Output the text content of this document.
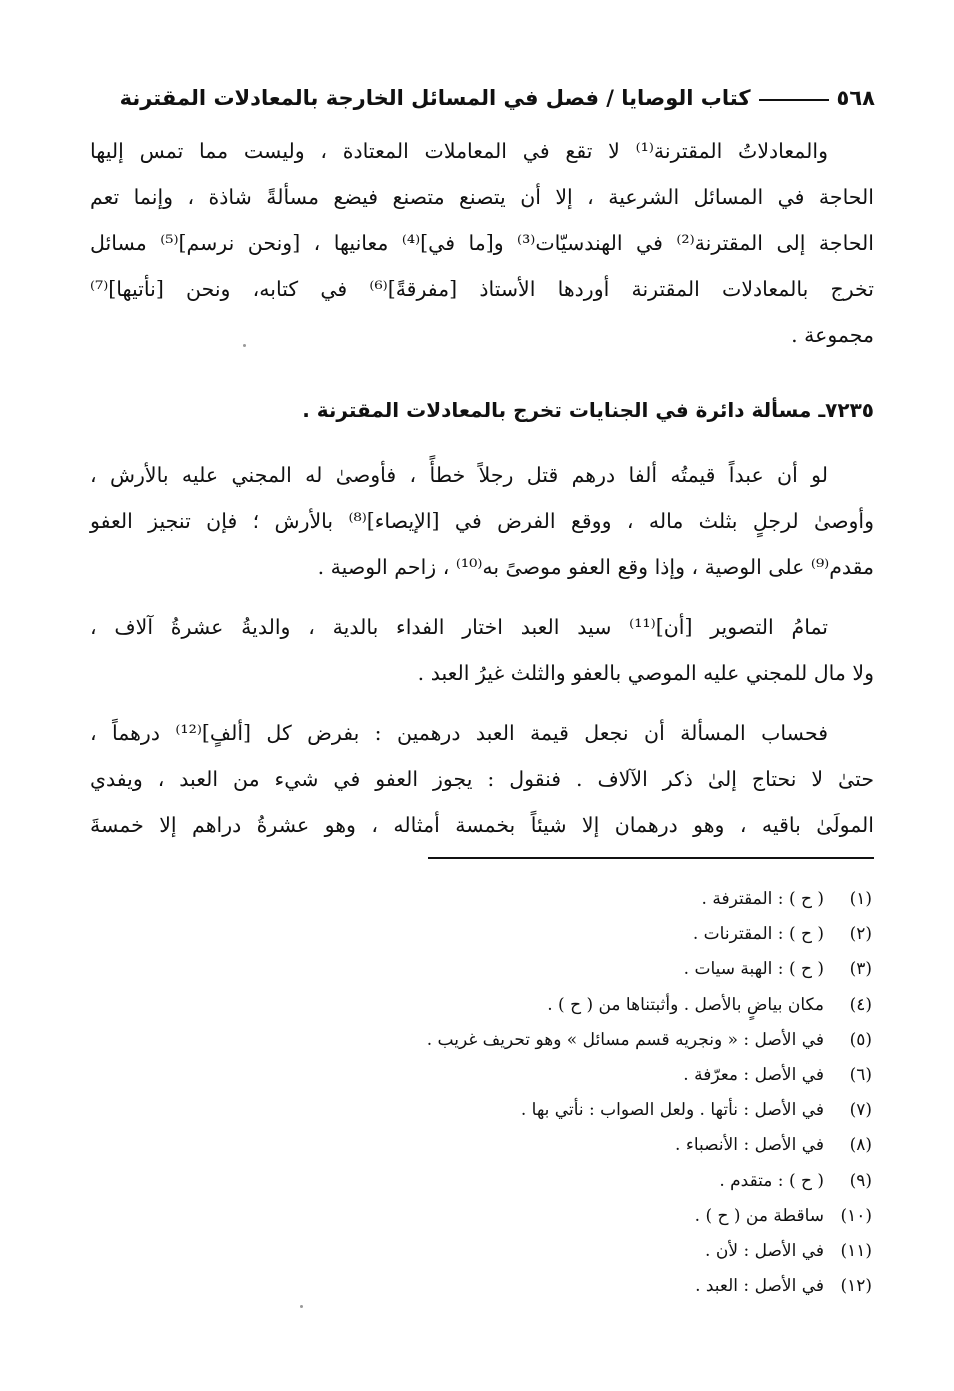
٥٦٨
كتاب الوصايا / فصل في المسائل الخارجة بالمعادلات المقترنة
والمعادلاتُ المقترنة⁽¹⁾ لا تقع في المعاملات المعتادة ، وليست مما تمس إليها
الحاجة في المسائل الشرعية ، إلا أن يتصنع متصنع فيضع مسألةً شاذة ، وإنما تعم
الحاجة إلى المقترنة⁽²⁾ في الهندسيّات⁽³⁾ و[ما في]⁽⁴⁾ معانيها ، [ونحن نرسم]⁽⁵⁾ مسائل
تخرج بالمعادلات المقترنة أوردها الأستاذ [مفرقةً]⁽⁶⁾ في كتابه، ونحن [نأتيها]⁽⁷⁾
مجموعة .
٧٢٣٥ـ مسألة دائرة في الجنايات تخرج بالمعادلات المقترنة .
لو أن عبداً قيمتُه ألفا درهم قتل رجلاً خطأً ، فأوصىٰ له المجني عليه بالأرش ،
وأوصىٰ لرجلٍ بثلث ماله ، ووقع الفرض في [الإيصاء]⁽⁸⁾ بالأرش ؛ فإن تنجيز العفو
مقدم⁽⁹⁾ على الوصية ، وإذا وقع العفو موصىً به⁽¹⁰⁾ ، زاحم الوصية .
تمامُ التصوير [أن]⁽¹¹⁾ سيد العبد اختار الفداء بالدية ، والديةُ عشرةُ آلاف ،
ولا مال للمجني عليه الموصي بالعفو والثلث غيرُ العبد .
فحساب المسألة أن نجعل قيمة العبد درهمين : بفرض كل [ألفٍ]⁽¹²⁾ درهماً ،
حتىٰ لا نحتاج إلىٰ ذكر الآلاف . فنقول : يجوز العفو في شيء من العبد ، ويفدي
المولَىٰ باقيه ، وهو درهمان إلا شيئاً بخمسة أمثاله ، وهو عشرةُ دراهم إلا خمسةَ
(١)( ح ) : المقترفة .
(٢)( ح ) : المقترنات .
(٣)( ح ) : الهبة سيات .
(٤)مكان بياضٍ بالأصل . وأثبتناها من ( ح ) .
(٥)في الأصل : « ونجريه قسم مسائل » وهو تحريف غريب .
(٦)في الأصل : معرّفة .
(٧)في الأصل : نأتها . ولعل الصواب : نأتي بها .
(٨)في الأصل : الأنصباء .
(٩)( ح ) : متقدم .
(١٠)ساقطة من ( ح ) .
(١١)في الأصل : لأن .
(١٢)في الأصل : العبد .
